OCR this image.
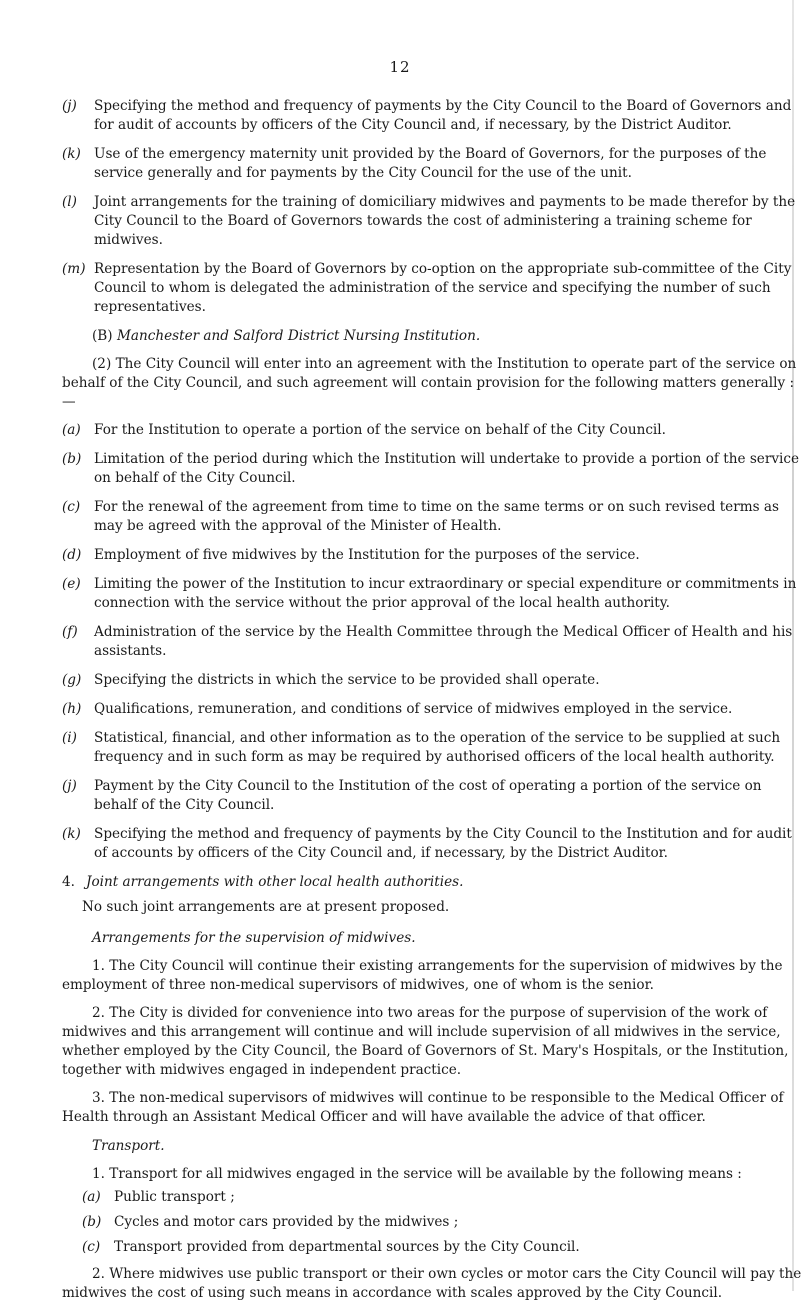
12
(j)	Specifying the method and frequency of payments by the City Council to the Board of Governors and for audit of accounts by officers of the City Council and, if necessary, by the District Auditor.
(k) Use of the emergency maternity unit provided by the Board of Governors, for the purposes of the service generally and for payments by the City Council for the use of the unit.
(l)	Joint arrangements for the training of domiciliary midwives and payments to be made therefor by the City Council to the Board of Governors towards the cost of administering a training scheme for midwives.
(m) Representation by the Board of Governors by co-option on the appropriate sub-committee of the City Council to whom is delegated the administration of the service and specifying the number of such representatives.
(B) Manchester and Salford District Nursing Institution.
(2) The City Council will enter into an agreement with the Institution to operate part of the service on behalf of the City Council, and such agreement will contain provision for the following matters generally :—
(a) For the Institution to operate a portion of the service on behalf of the City Council.
(b) Limitation of the period during which the Institution will undertake to provide a portion of the service on behalf of the City Council.
(c)	For the renewal of the agreement from time to time on the same terms or on such revised terms as may be agreed with the approval of the Minister of Health.
(d) Employment of five midwives by the Institution for the purposes of the service.
(e) Limiting the power of the Institution to incur extraordinary or special expenditure or commitments in connection with the service without the prior approval of the local health authority.
(f)	Administration of the service by the Health Committee through the Medical Officer of Health and his assistants.
(g) Specifying the districts in which the service to be provided shall operate.
(h) Qualifications, remuneration, and conditions of service of midwives employed in the service.
(i)	Statistical, financial, and other information as to the operation of the service to be supplied at such frequency and in such form as may be required by authorised officers of the local health authority.
(j)	Payment by the City Council to the Institution of the cost of operating a portion of the service on behalf of the City Council.
(k) Specifying the method and frequency of payments by the City Council to the Institution and for audit of accounts by officers of the City Council and, if necessary, by the District Auditor.
4. Joint arrangements with other local health authorities.
No such joint arrangements are at present proposed.
Arrangements for the supervision of midwives.
1. The City Council will continue their existing arrangements for the supervision of midwives by the employment of three non-medical supervisors of midwives, one of whom is the senior.
2. The City is divided for convenience into two areas for the purpose of supervision of the work of midwives and this arrangement will continue and will include supervision of all midwives in the service, whether employed by the City Council, the Board of Governors of St. Mary's Hospitals, or the Institution, together with midwives engaged in independent practice.
3. The non-medical supervisors of midwives will continue to be responsible to the Medical Officer of Health through an Assistant Medical Officer and will have available the advice of that officer.
Transport.
1. Transport for all midwives engaged in the service will be available by the following means :
(a) Public transport ;
(b) Cycles and motor cars provided by the midwives ;
(c) Transport provided from departmental sources by the City Council.
2. Where midwives use public transport or their own cycles or motor cars the City Council will pay the midwives the cost of using such means in accordance with scales approved by the City Council.
